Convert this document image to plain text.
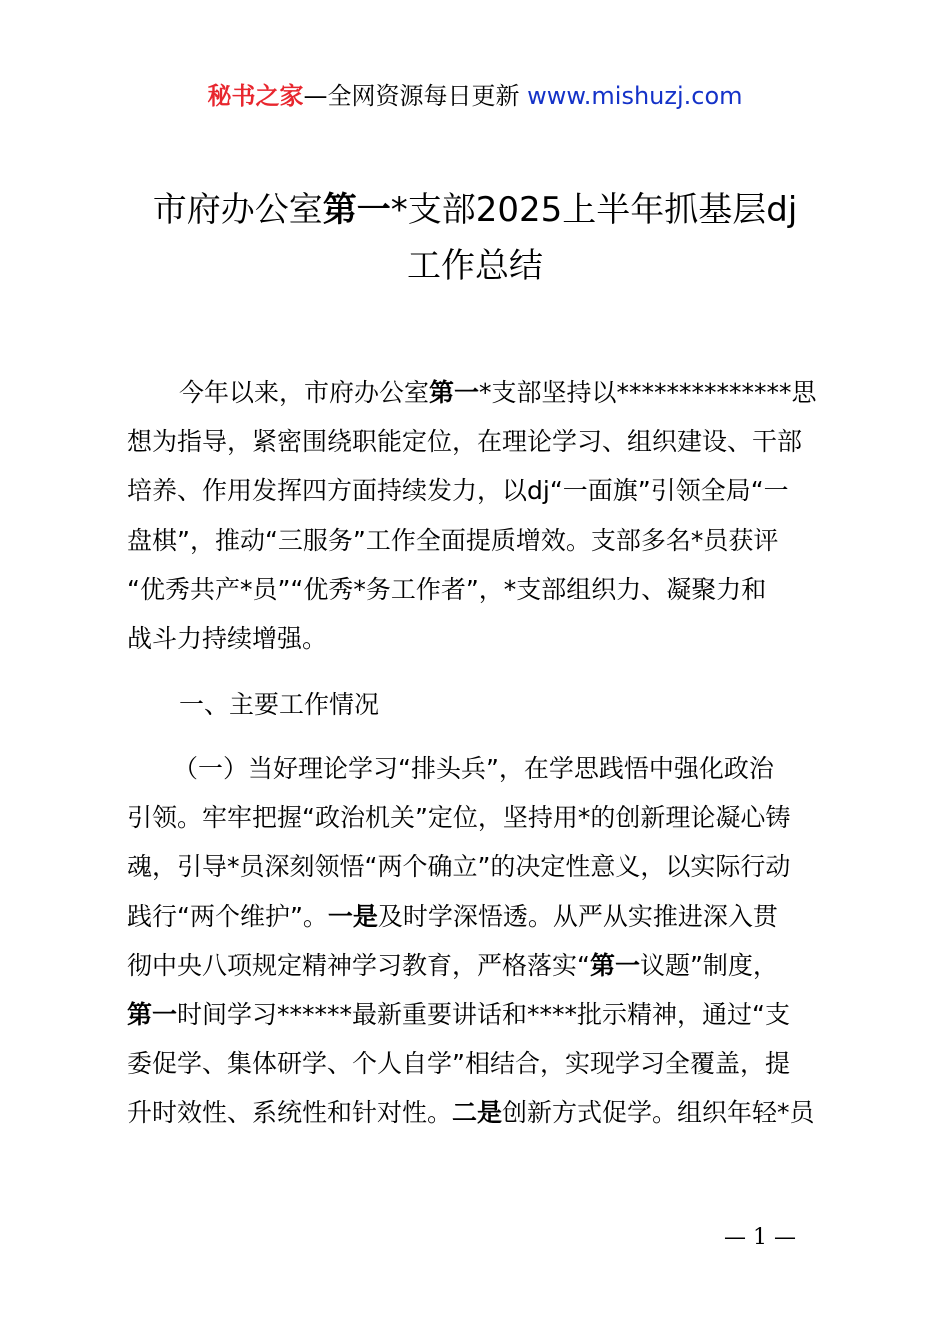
秘书之家—全网资源每日更新 www.mishuzj.com
市府办公室第一*支部2025上半年抓基层dj
工作总结
今年以来，市府办公室第一*支部坚持以**************思
想为指导，紧密围绕职能定位，在理论学习、组织建设、干部
培养、作用发挥四方面持续发力，以dj“一面旗”引领全局“一
盘棋”，推动“三服务”工作全面提质增效。支部多名*员获评
“优秀共产*员”“优秀*务工作者”，*支部组织力、凝聚力和
战斗力持续增强。
一、主要工作情况
（一）当好理论学习“排头兵”，在学思践悟中强化政治
引领。牢牢把握“政治机关”定位，坚持用*的创新理论凝心铸
魂，引导*员深刻领悟“两个确立”的决定性意义，以实际行动
践行“两个维护”。一是及时学深悟透。从严从实推进深入贯
彻中央八项规定精神学习教育，严格落实“第一议题”制度，
第一时间学习******最新重要讲话和****批示精神，通过“支
委促学、集体研学、个人自学”相结合，实现学习全覆盖，提
升时效性、系统性和针对性。二是创新方式促学。组织年轻*员
— 1 —
